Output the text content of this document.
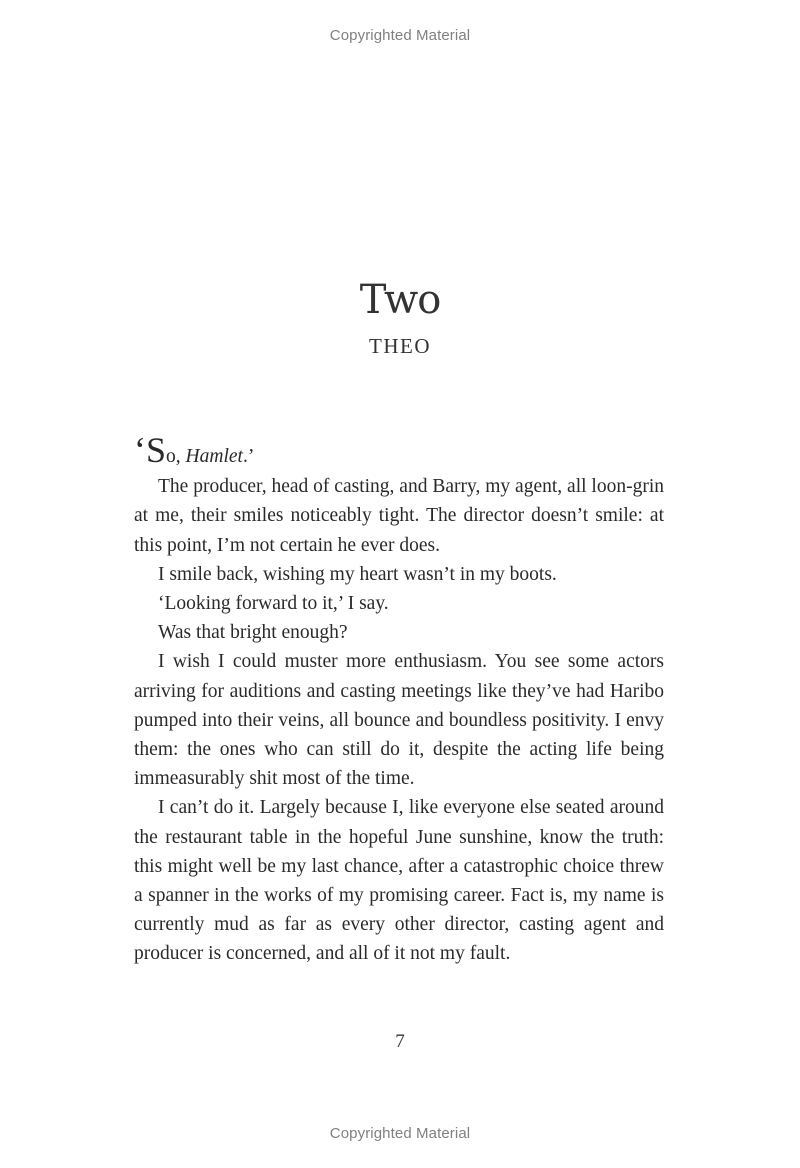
Copyrighted Material
Two
THEO

‘So, Hamlet.’

The producer, head of casting, and Barry, my agent, all loon-grin at me, their smiles noticeably tight. The director doesn’t smile: at this point, I’m not certain he ever does.

I smile back, wishing my heart wasn’t in my boots.

‘Looking forward to it,’ I say.

Was that bright enough?

I wish I could muster more enthusiasm. You see some actors arriving for auditions and casting meetings like they’ve had Haribo pumped into their veins, all bounce and boundless positivity. I envy them: the ones who can still do it, despite the acting life being immeasurably shit most of the time.

I can’t do it. Largely because I, like everyone else seated around the restaurant table in the hopeful June sunshine, know the truth: this might well be my last chance, after a catastrophic choice threw a spanner in the works of my promising career. Fact is, my name is currently mud as far as every other director, casting agent and producer is concerned, and all of it not my fault.

7
Copyrighted Material
